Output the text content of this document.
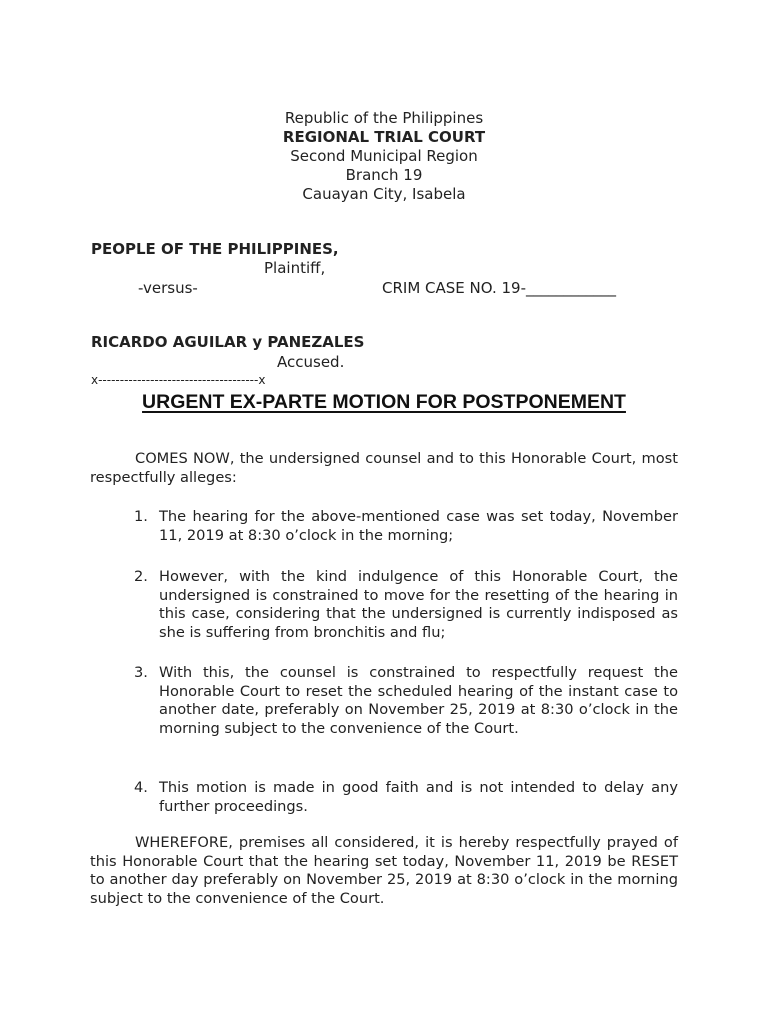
Republic of the Philippines
REGIONAL TRIAL COURT
Second Municipal Region
Branch 19
Cauayan City, Isabela
PEOPLE OF THE PHILIPPINES,
Plaintiff,
-versus-	CRIM CASE NO. 19-____________
RICARDO AGUILAR y PANEZALES
Accused.
x-------------------------------------x
URGENT EX-PARTE MOTION FOR POSTPONEMENT
COMES NOW, the undersigned counsel and to this Honorable Court, most respectfully alleges:
1. The hearing for the above-mentioned case was set today, November 11, 2019 at 8:30 o’clock in the morning;
2. However, with the kind indulgence of this Honorable Court, the undersigned is constrained to move for the resetting of the hearing in this case, considering that the undersigned is currently indisposed as she is suffering from bronchitis and flu;
3. With this, the counsel is constrained to respectfully request the Honorable Court to reset the scheduled hearing of the instant case to another date, preferably on November 25, 2019 at 8:30 o’clock in the morning subject to the convenience of the Court.
4. This motion is made in good faith and is not intended to delay any further proceedings.
WHEREFORE, premises all considered, it is hereby respectfully prayed of this Honorable Court that the hearing set today, November 11, 2019 be RESET to another day preferably on November 25, 2019 at 8:30 o’clock in the morning subject to the convenience of the Court.
